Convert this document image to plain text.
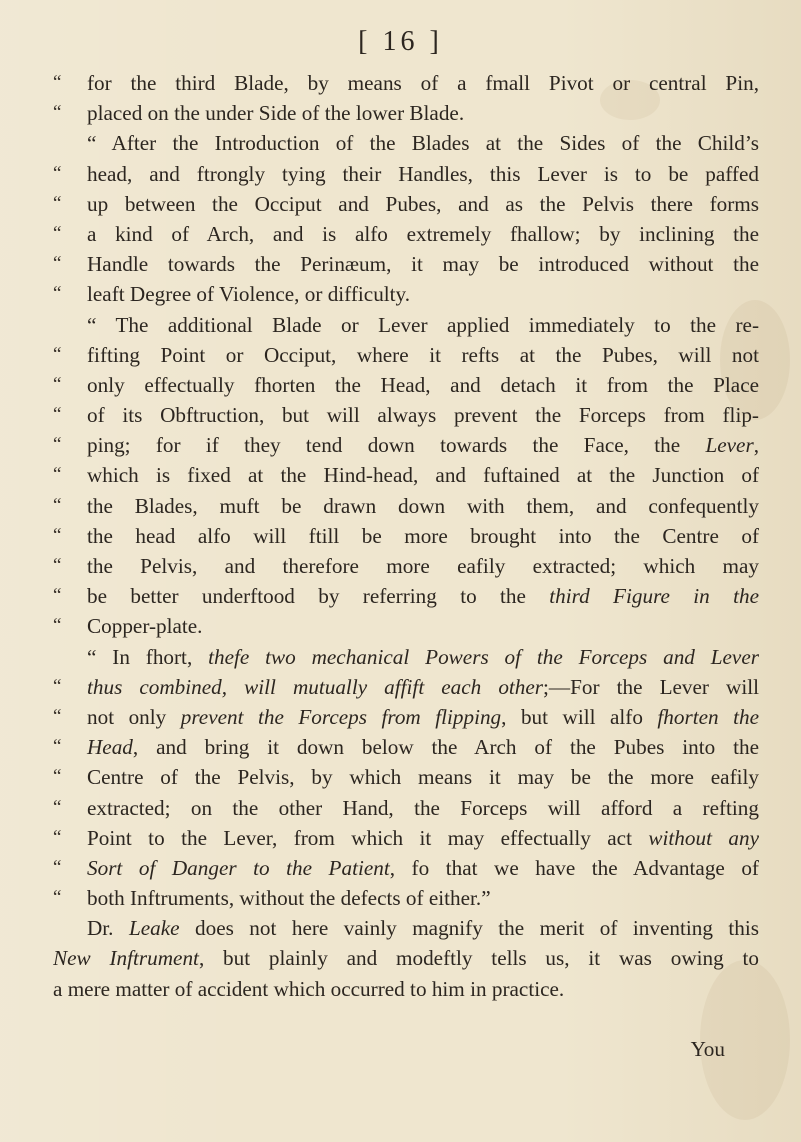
[ 16 ]
“	for the third Blade, by means of a fmall Pivot or central Pin,
“	placed on the under Side of the lower Blade.
“ After the Introduction of the Blades at the Sides of the Child’s
“	head, and ftrongly tying their Handles, this Lever is to be paffed
“	up between the Occiput and Pubes, and as the Pelvis there forms
“	a kind of Arch, and is alfo extremely fhallow; by inclining the
“	Handle towards the Perinæum, it may be introduced without the
“	leaft Degree of Violence, or difficulty.
“ The additional Blade or Lever applied immediately to the re-
“	fifting Point or Occiput, where it refts at the Pubes, will not
“	only effectually fhorten the Head, and detach it from the Place
“	of its Obftruction, but will always prevent the Forceps from flip-
“	ping; for if they tend down towards the Face, the Lever,
“	which is fixed at the Hind-head, and fuftained at the Junction of
“	the Blades, muft be drawn down with them, and confequently
“	the head alfo will ftill be more brought into the Centre of
“	the Pelvis, and therefore more eafily extracted; which may
“	be better underftood by referring to the third Figure in the
“	Copper-plate.
“ In fhort, thefe two mechanical Powers of the Forceps and Lever
“	thus combined, will mutually affift each other;—For the Lever will
“	not only prevent the Forceps from flipping, but will alfo fhorten the
“	Head, and bring it down below the Arch of the Pubes into the
“	Centre of the Pelvis, by which means it may be the more eafily
“	extracted; on the other Hand, the Forceps will afford a refting
“	Point to the Lever, from which it may effectually act without any
“	Sort of Danger to the Patient, fo that we have the Advantage of
“	both Inftruments, without the defects of either.”
Dr. Leake does not here vainly magnify the merit of inventing this
New Inftrument, but plainly and modeftly tells us, it was owing to
a mere matter of accident which occurred to him in practice.
You
